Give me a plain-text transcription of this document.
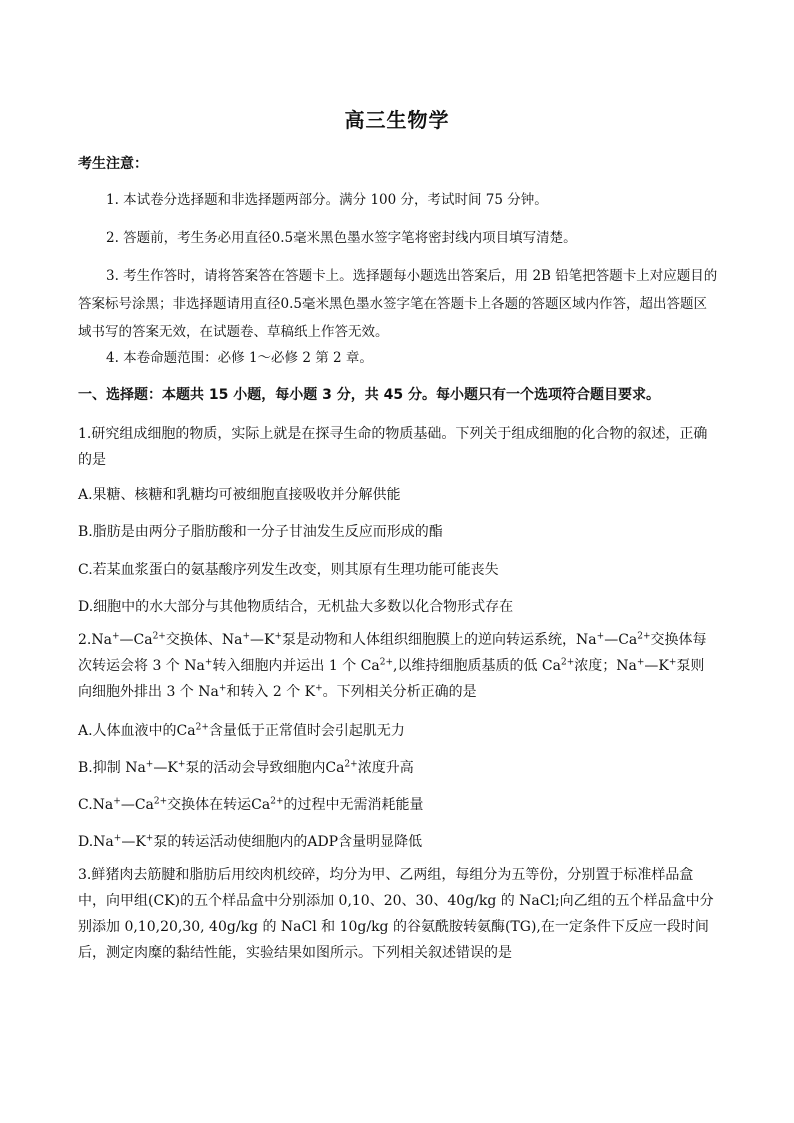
高三生物学
考生注意：

1. 本试卷分选择题和非选择题两部分。满分 100 分，考试时间 75 分钟。

2. 答题前，考生务必用直径0.5毫米黑色墨水签字笔将密封线内项目填写清楚。

3. 考生作答时，请将答案答在答题卡上。选择题每小题选出答案后，用 2B 铅笔把答题卡上对应题目的答案标号涂黑；非选择题请用直径0.5毫米黑色墨水签字笔在答题卡上各题的答题区域内作答，超出答题区域书写的答案无效，在试题卷、草稿纸上作答无效。

4. 本卷命题范围：必修 1～必修 2 第 2 章。

一、选择题：本题共 15 小题，每小题 3 分，共 45 分。每小题只有一个选项符合题目要求。
1.研究组成细胞的物质，实际上就是在探寻生命的物质基础。下列关于组成细胞的化合物的叙述，正确的是
A.果糖、核糖和乳糖均可被细胞直接吸收并分解供能
B.脂肪是由两分子脂肪酸和一分子甘油发生反应而形成的酯
C.若某血浆蛋白的氨基酸序列发生改变，则其原有生理功能可能丧失
D.细胞中的水大部分与其他物质结合，无机盐大多数以化合物形式存在
$2.Na^+—Ca^{2+}$交换体、Na+—K+泵是动物和人体组织细胞膜上的逆向转运系统，$Na^+—Ca^{2+}$交换体每次转运会将 3 个 Na+转入细胞内并运出 1 个 $Ca^{2+}$,以维持细胞质基质的低 $Ca^{2+}$浓度；Na+—K+泵则向细胞外排出 3 个 Na+和转入 2 个 K+。下列相关分析正确的是
A.人体血液中的$Ca^{2+}$含量低于正常值时会引起肌无力
B.抑制 Na+—K+泵的活动会导致细胞内$Ca^{2+}$浓度升高
$C.Na^+—Ca^{2+}$交换体在转运$Ca^{2+}$的过程中无需消耗能量
D.Na+—K+泵的转运活动使细胞内的ADP含量明显降低
3.鲜猪肉去筋腱和脂肪后用绞肉机绞碎，均分为甲、乙两组，每组分为五等份，分别置于标准样品盒中，向甲组(CK)的五个样品盒中分别添加 0,10、20、30、40g/kg 的 NaCl;向乙组的五个样品盒中分别添加 0,10,20,30, 40g/kg 的 NaCl 和 10g/kg 的谷氨酰胺转氨酶(TG),在一定条件下反应一段时间后，测定肉糜的黏结性能，实验结果如图所示。下列相关叙述错误的是
